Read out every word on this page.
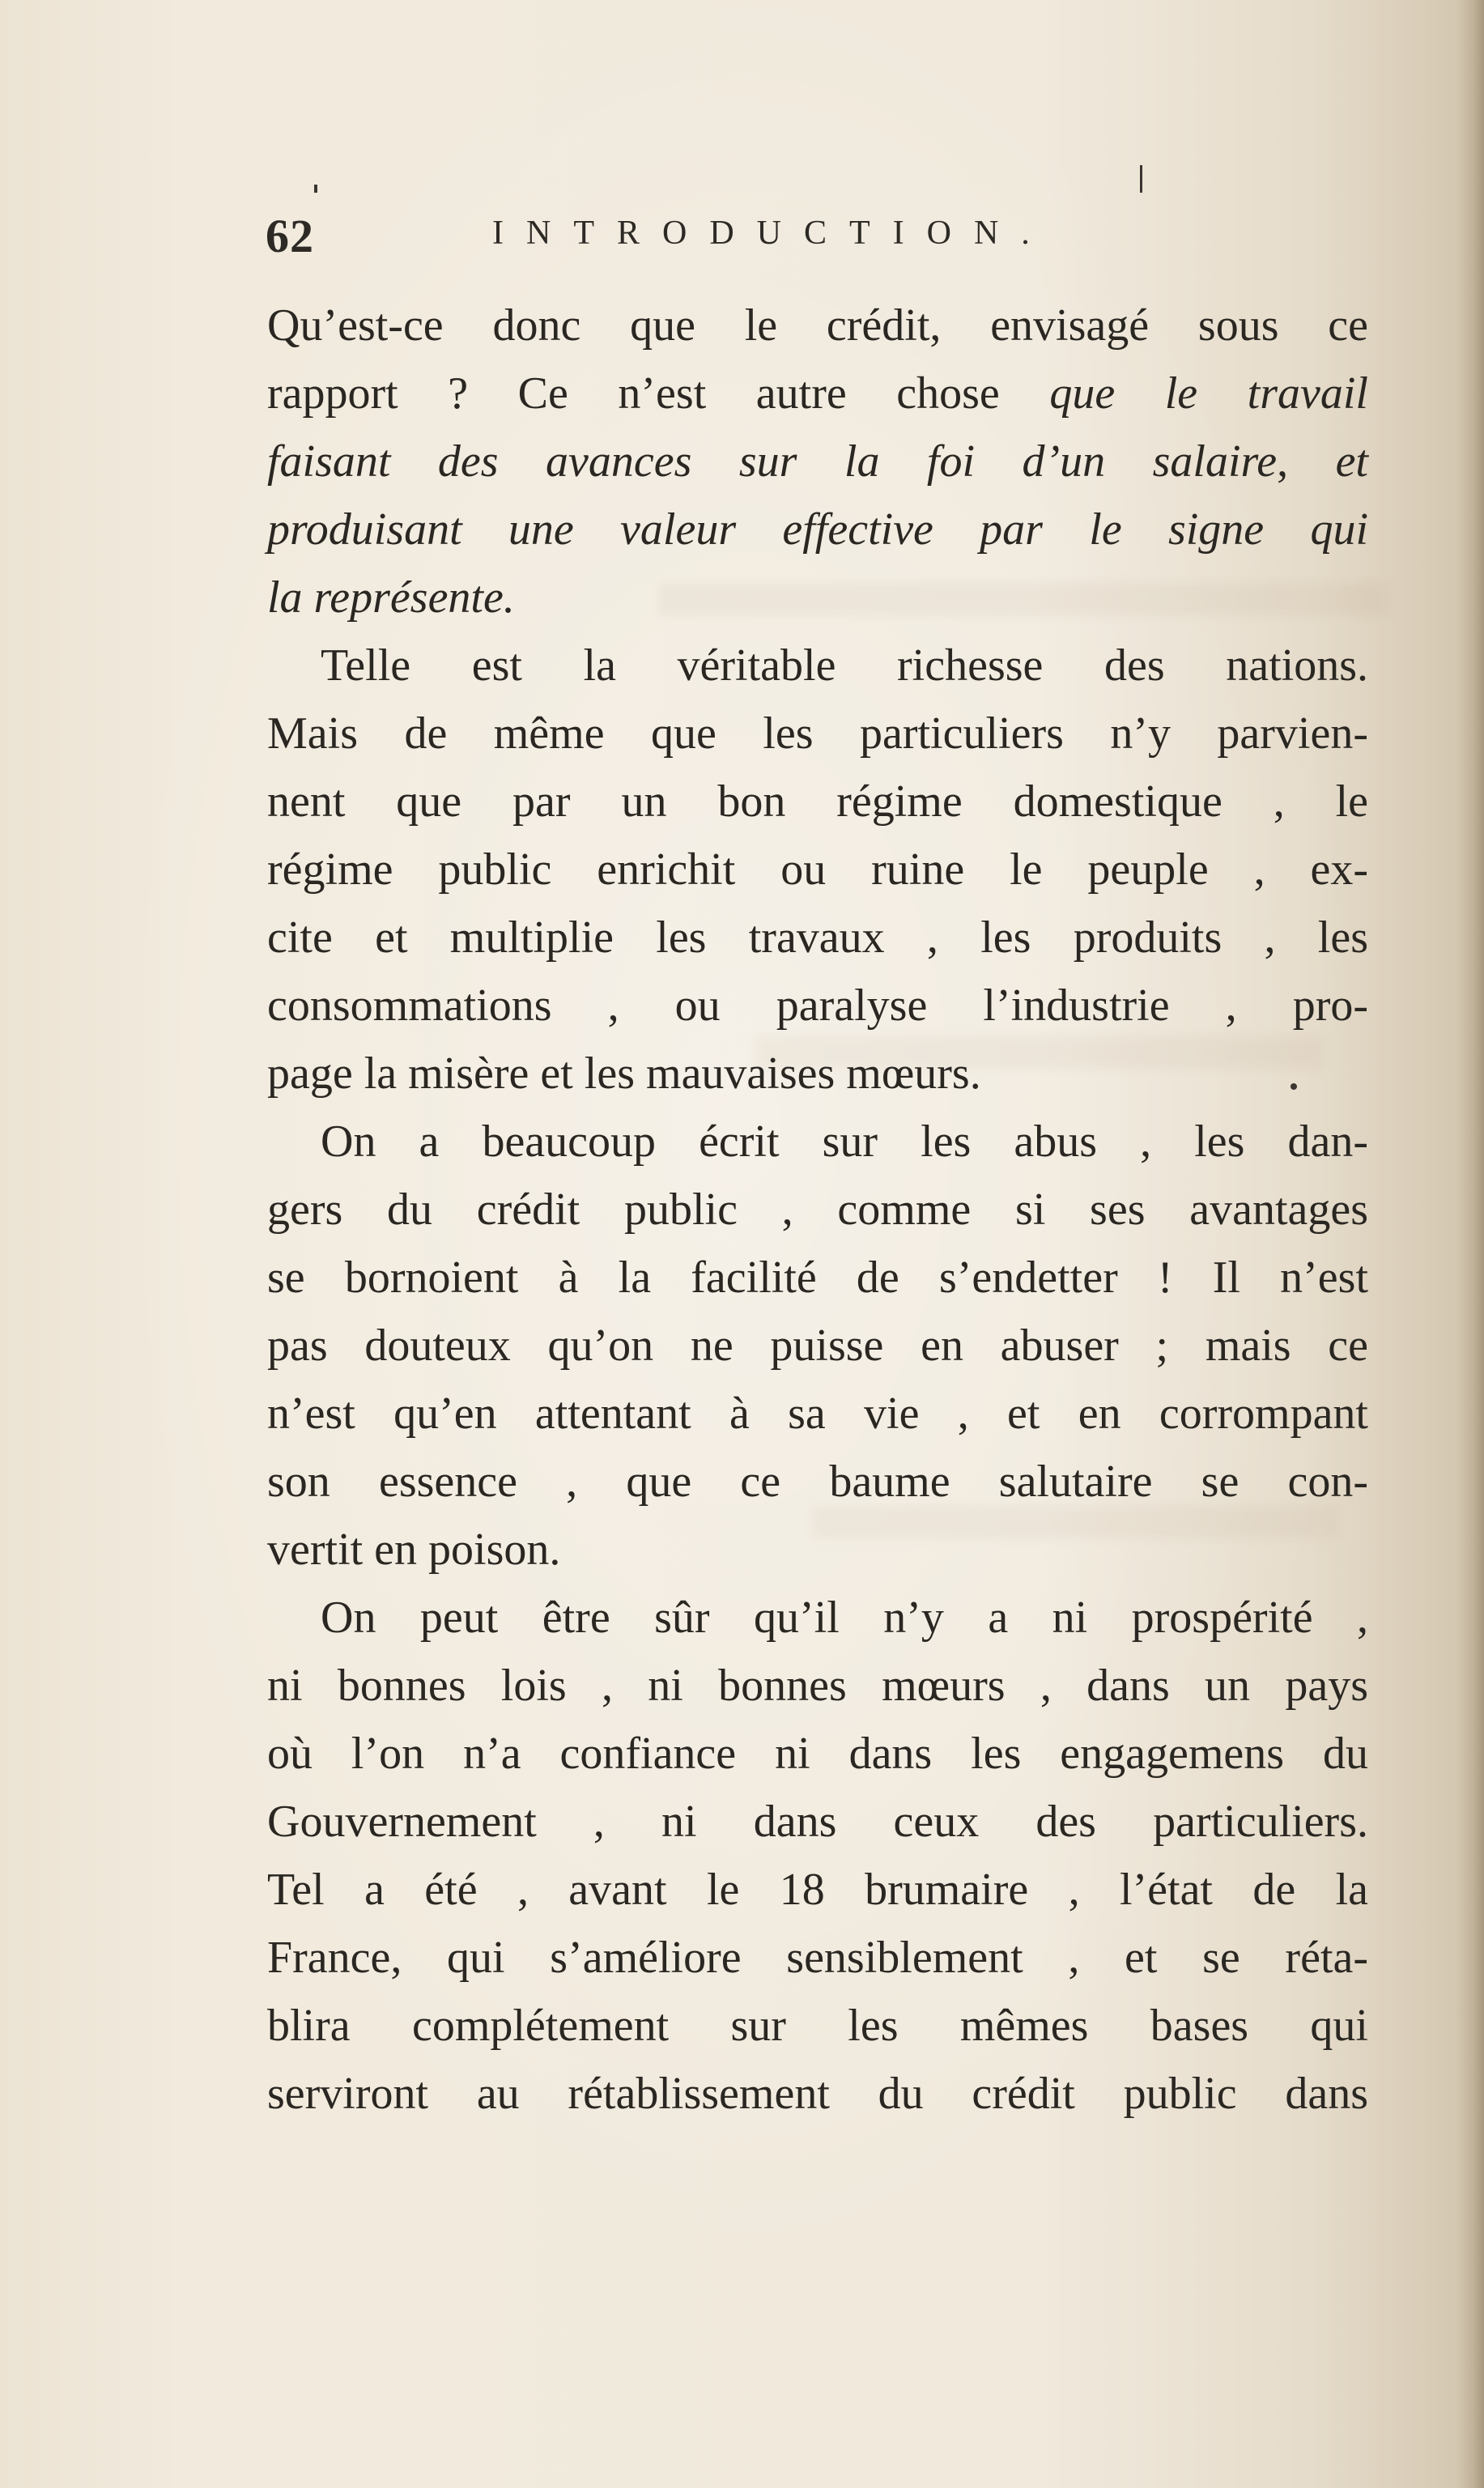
62	INTRODUCTION.
Qu’est-ce donc que le crédit, envisagé sous ce
rapport ? Ce n’est autre chose que le travail
faisant des avances sur la foi d’un salaire, et
produisant une valeur effective par le signe qui
la représente.
Telle est la véritable richesse des nations.
Mais de même que les particuliers n’y parvien-
nent que par un bon régime domestique , le
régime public enrichit ou ruine le peuple , ex-
cite et multiplie les travaux , les produits , les
consommations , ou paralyse l’industrie , pro-
page la misère et les mauvaises mœurs.
On a beaucoup écrit sur les abus , les dan-
gers du crédit public , comme si ses avantages
se bornoient à la facilité de s’endetter ! Il n’est
pas douteux qu’on ne puisse en abuser ; mais ce
n’est qu’en attentant à sa vie , et en corrompant
son essence , que ce baume salutaire se con-
vertit en poison.
On peut être sûr qu’il n’y a ni prospérité ,
ni bonnes lois , ni bonnes mœurs , dans un pays
où l’on n’a confiance ni dans les engagemens du
Gouvernement , ni dans ceux des particuliers.
Tel a été , avant le 18 brumaire , l’état de la
France, qui s’améliore sensiblement , et se réta-
blira complétement sur les mêmes bases qui
serviront au rétablissement du crédit public dans
